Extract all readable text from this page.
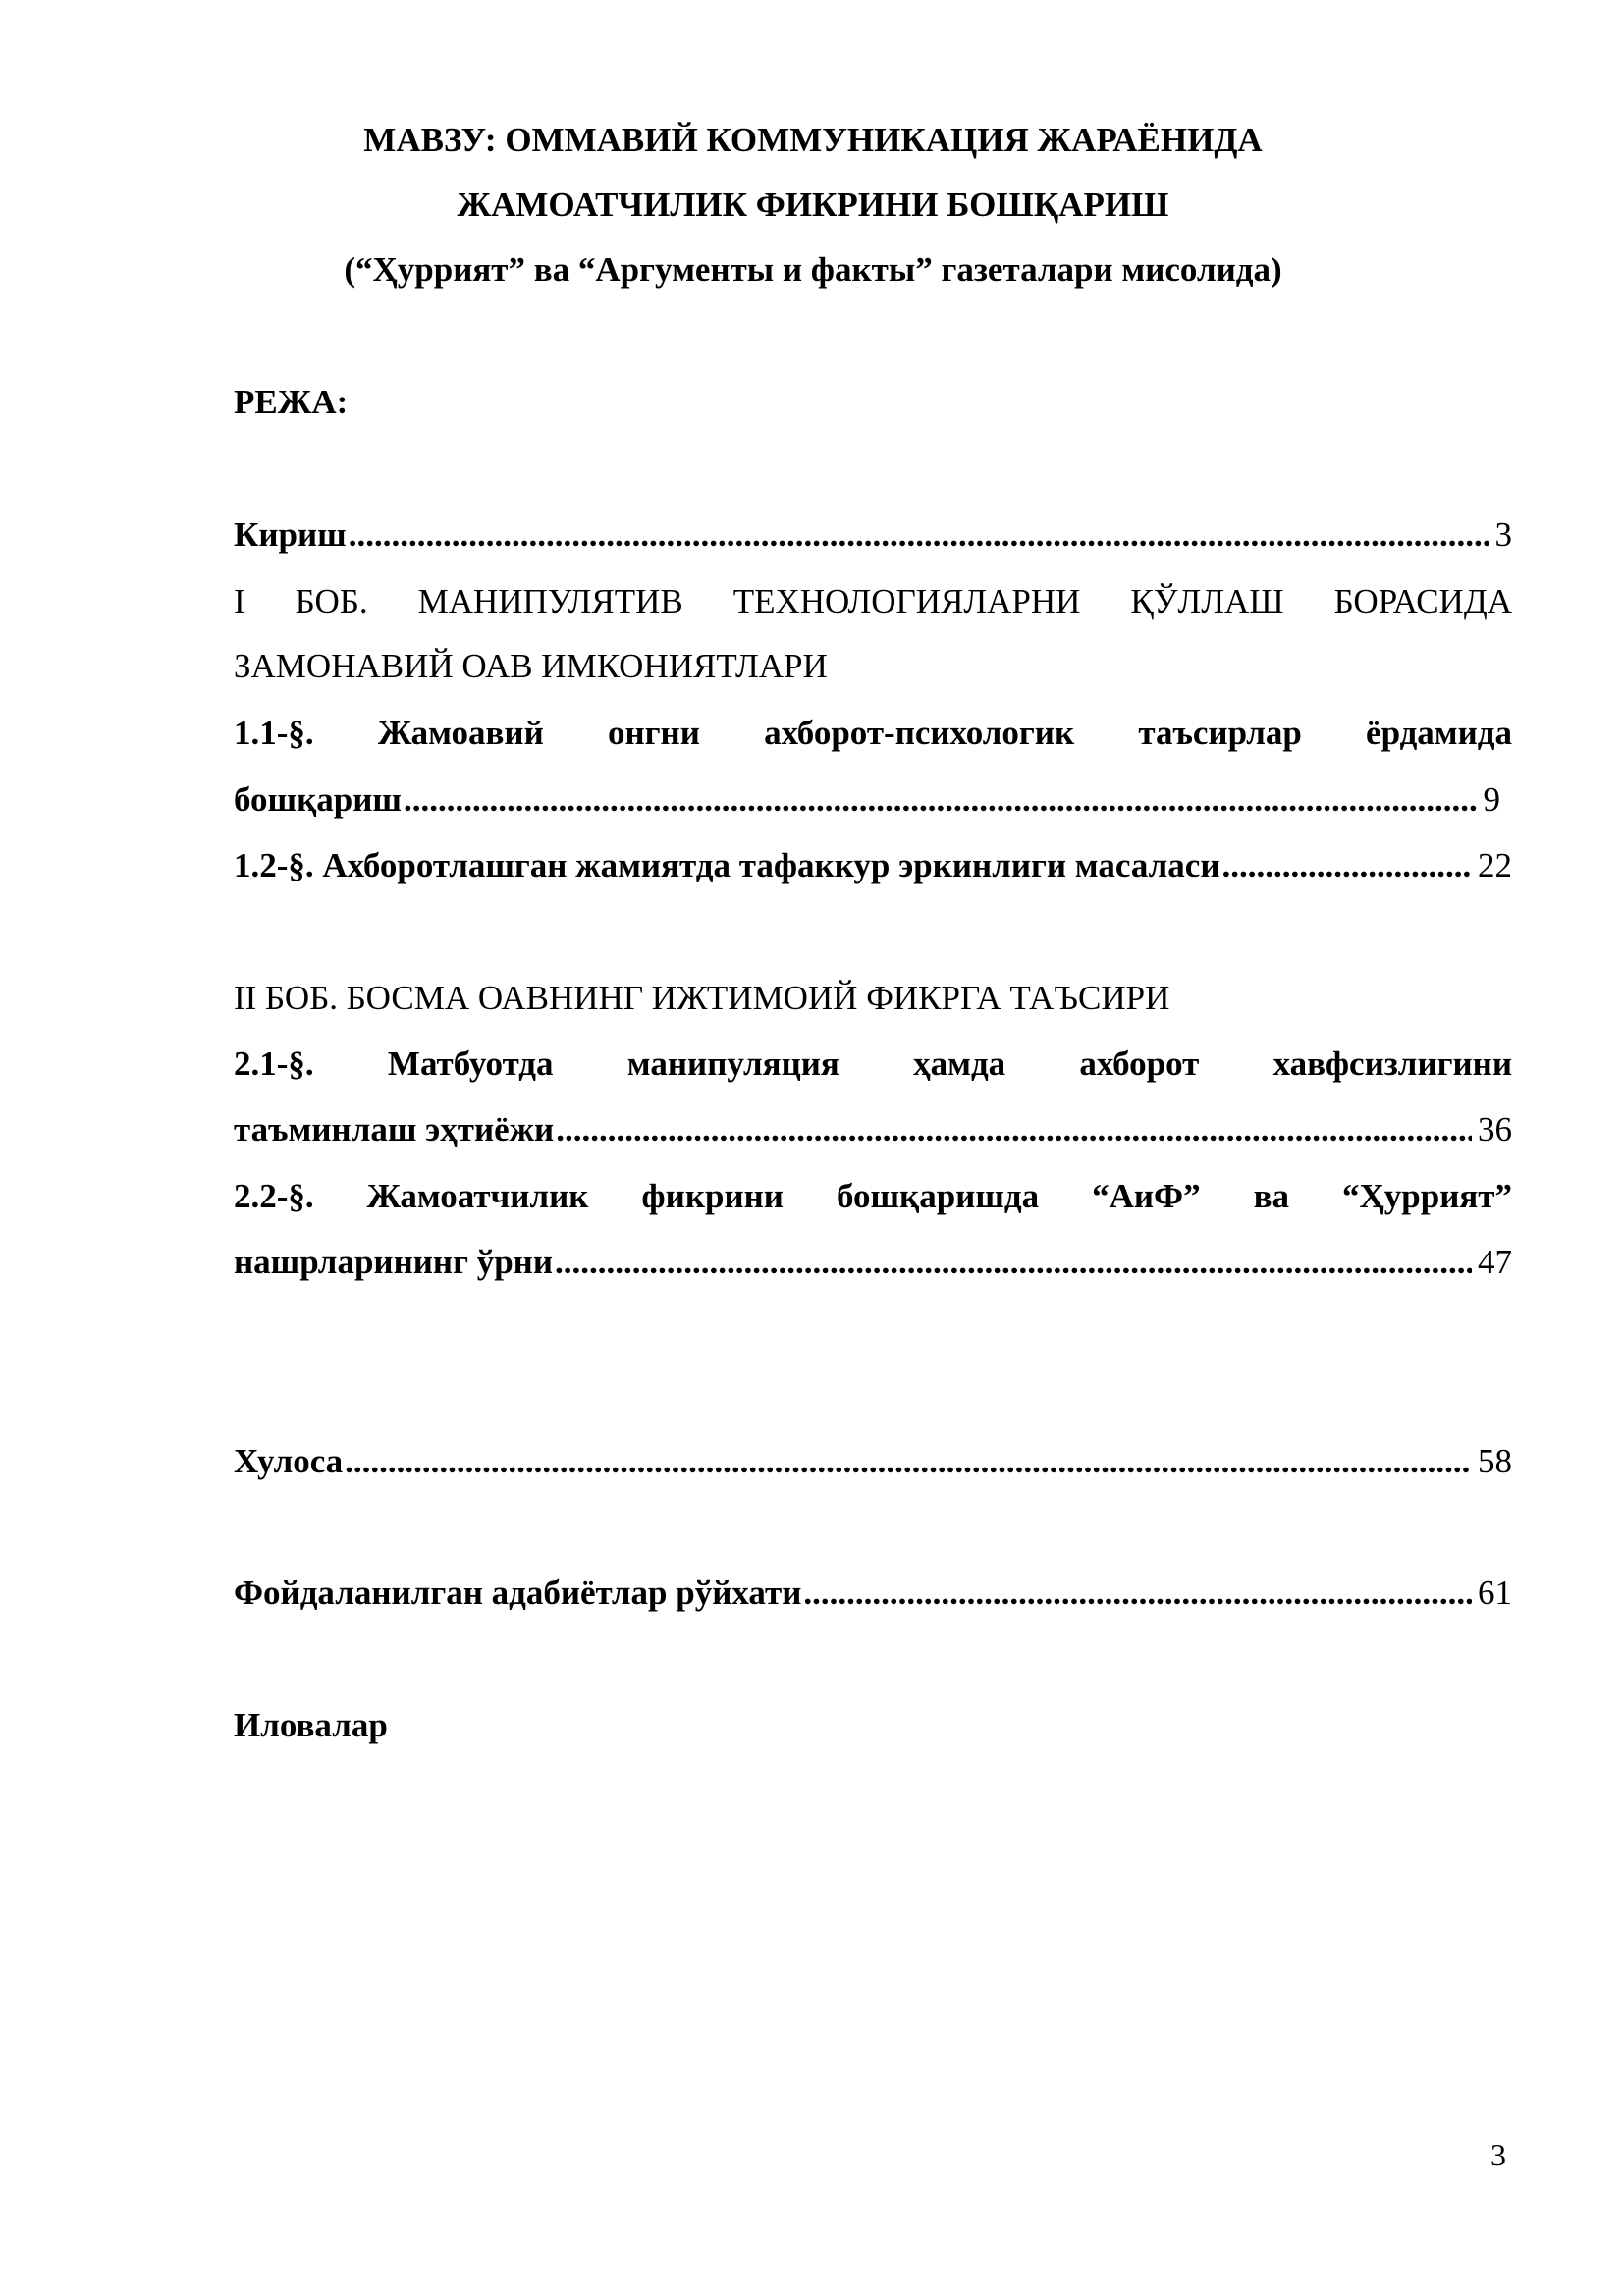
МАВЗУ: ОММАВИЙ КОММУНИКАЦИЯ ЖАРАЁНИДА
ЖАМОАТЧИЛИК ФИКРИНИ БОШҚАРИШ
(“Ҳуррият” ва “Аргументы и факты” газеталари мисолида)
РЕЖА:
Кириш .....	3
I БОБ. МАНИПУЛЯТИВ ТЕХНОЛОГИЯЛАРНИ ҚЎЛЛАШ БОРАСИДА
ЗАМОНАВИЙ ОАВ ИМКОНИЯТЛАРИ
1.1-§. Жамоавий онгни ахборот-психологик таъсирлар ёрдамида
бошқариш .....	9
1.2-§. Ахборотлашган жамиятда тафаккур эркинлиги масаласи .....	22
II БОБ. БОСМА ОАВНИНГ ИЖТИМОИЙ ФИКРГА ТАЪСИРИ
2.1-§. Матбуотда манипуляция ҳамда ахборот хавфсизлигини
таъминлаш эҳтиёжи .....	36
2.2-§. Жамоатчилик фикрини бошқаришда “АиФ” ва “Ҳуррият”
нашрларининг ўрни .....	47
Хулоса .....	58
Фойдаланилган адабиётлар рўйхати .....	61
Иловалар
3
